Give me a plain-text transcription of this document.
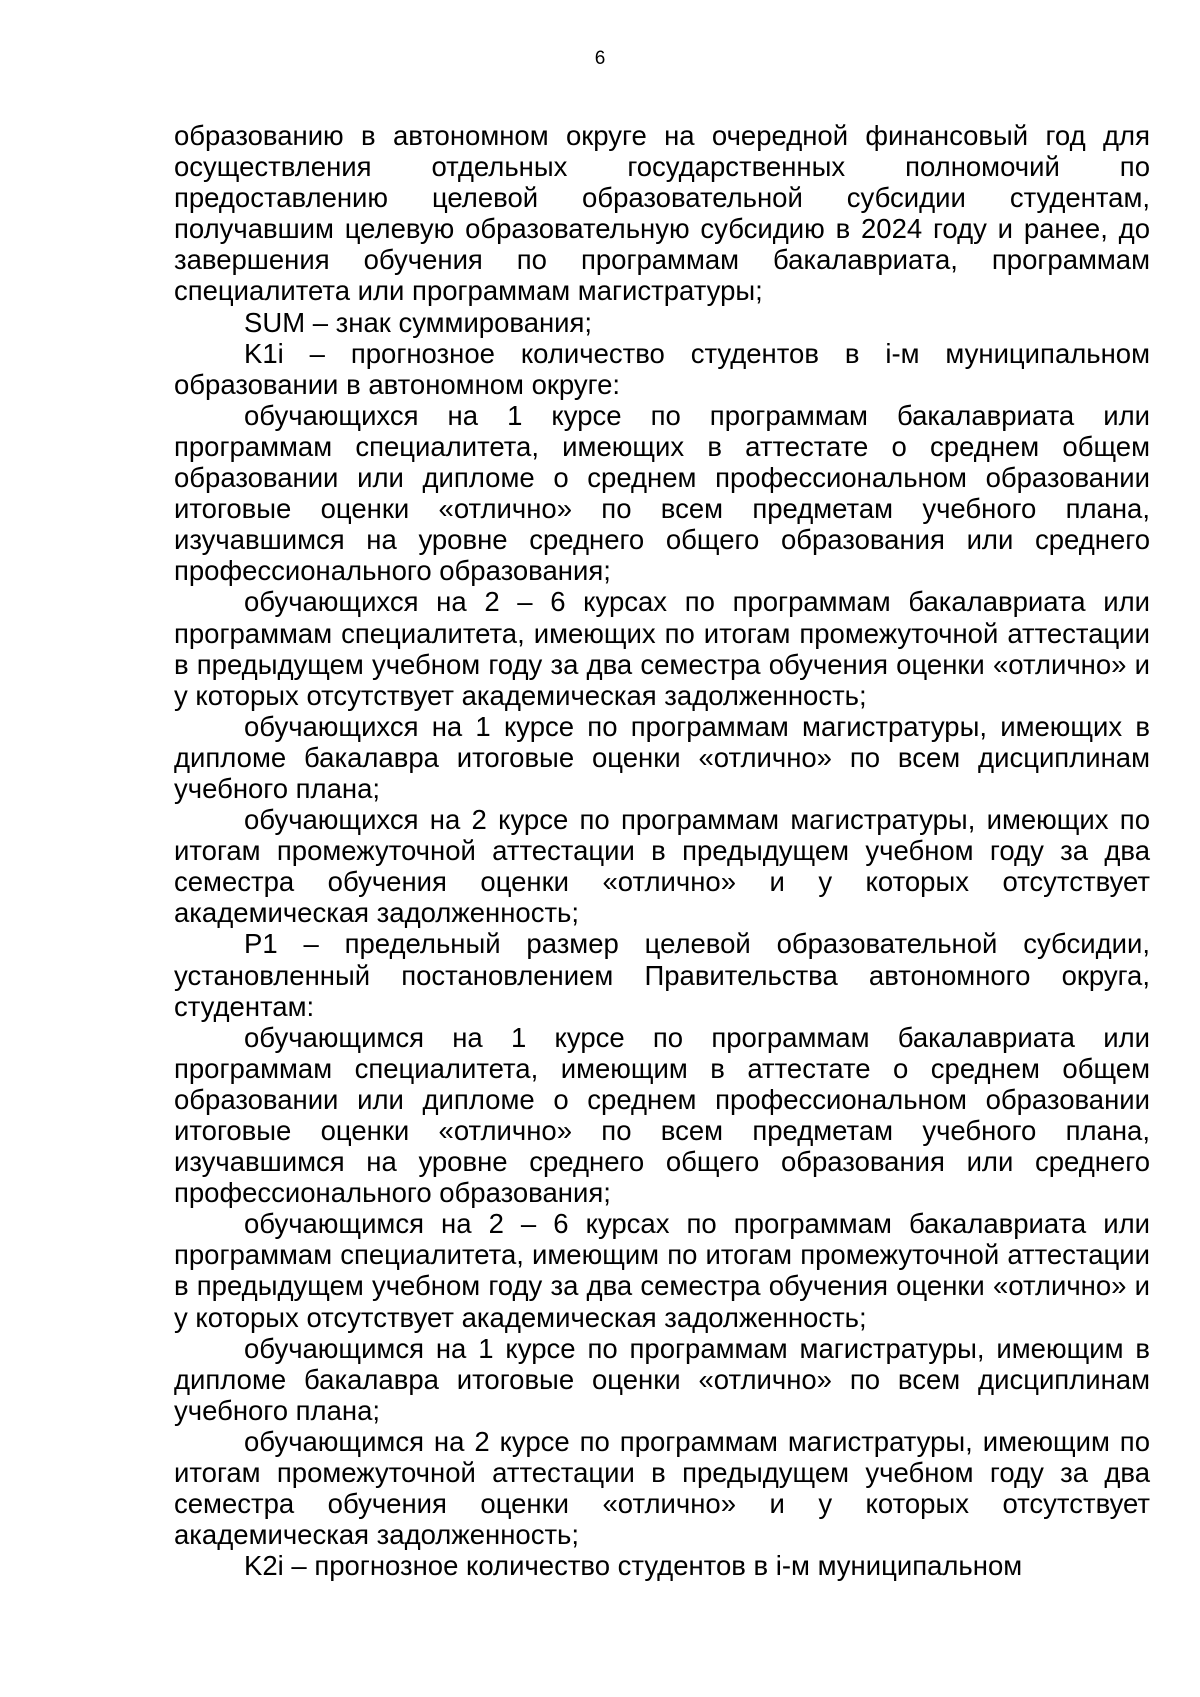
6

образованию в автономном округе на очередной финансовый год для осуществления отдельных государственных полномочий по предоставлению целевой образовательной субсидии студентам, получавшим целевую образовательную субсидию в 2024 году и ранее, до завершения обучения по программам бакалавриата, программам специалитета или программам магистратуры;

SUM – знак суммирования;

K1i – прогнозное количество студентов в i-м муниципальном образовании в автономном округе:

обучающихся на 1 курсе по программам бакалавриата или программам специалитета, имеющих в аттестате о среднем общем образовании или дипломе о среднем профессиональном образовании итоговые оценки «отлично» по всем предметам учебного плана, изучавшимся на уровне среднего общего образования или среднего профессионального образования;

обучающихся на 2 – 6 курсах по программам бакалавриата или программам специалитета, имеющих по итогам промежуточной аттестации в предыдущем учебном году за два семестра обучения оценки «отлично» и у которых отсутствует академическая задолженность;

обучающихся на 1 курсе по программам магистратуры, имеющих в дипломе бакалавра итоговые оценки «отлично» по всем дисциплинам учебного плана;

обучающихся на 2 курсе по программам магистратуры, имеющих по итогам промежуточной аттестации в предыдущем учебном году за два семестра обучения оценки «отлично» и у которых отсутствует академическая задолженность;

P1 – предельный размер целевой образовательной субсидии, установленный постановлением Правительства автономного округа, студентам:

обучающимся на 1 курсе по программам бакалавриата или программам специалитета, имеющим в аттестате о среднем общем образовании или дипломе о среднем профессиональном образовании итоговые оценки «отлично» по всем предметам учебного плана, изучавшимся на уровне среднего общего образования или среднего профессионального образования;

обучающимся на 2 – 6 курсах по программам бакалавриата или программам специалитета, имеющим по итогам промежуточной аттестации в предыдущем учебном году за два семестра обучения оценки «отлично» и у которых отсутствует академическая задолженность;

обучающимся на 1 курсе по программам магистратуры, имеющим в дипломе бакалавра итоговые оценки «отлично» по всем дисциплинам учебного плана;

обучающимся на 2 курсе по программам магистратуры, имеющим по итогам промежуточной аттестации в предыдущем учебном году за два семестра обучения оценки «отлично» и у которых отсутствует академическая задолженность;

K2i – прогнозное количество студентов в i-м муниципальном
